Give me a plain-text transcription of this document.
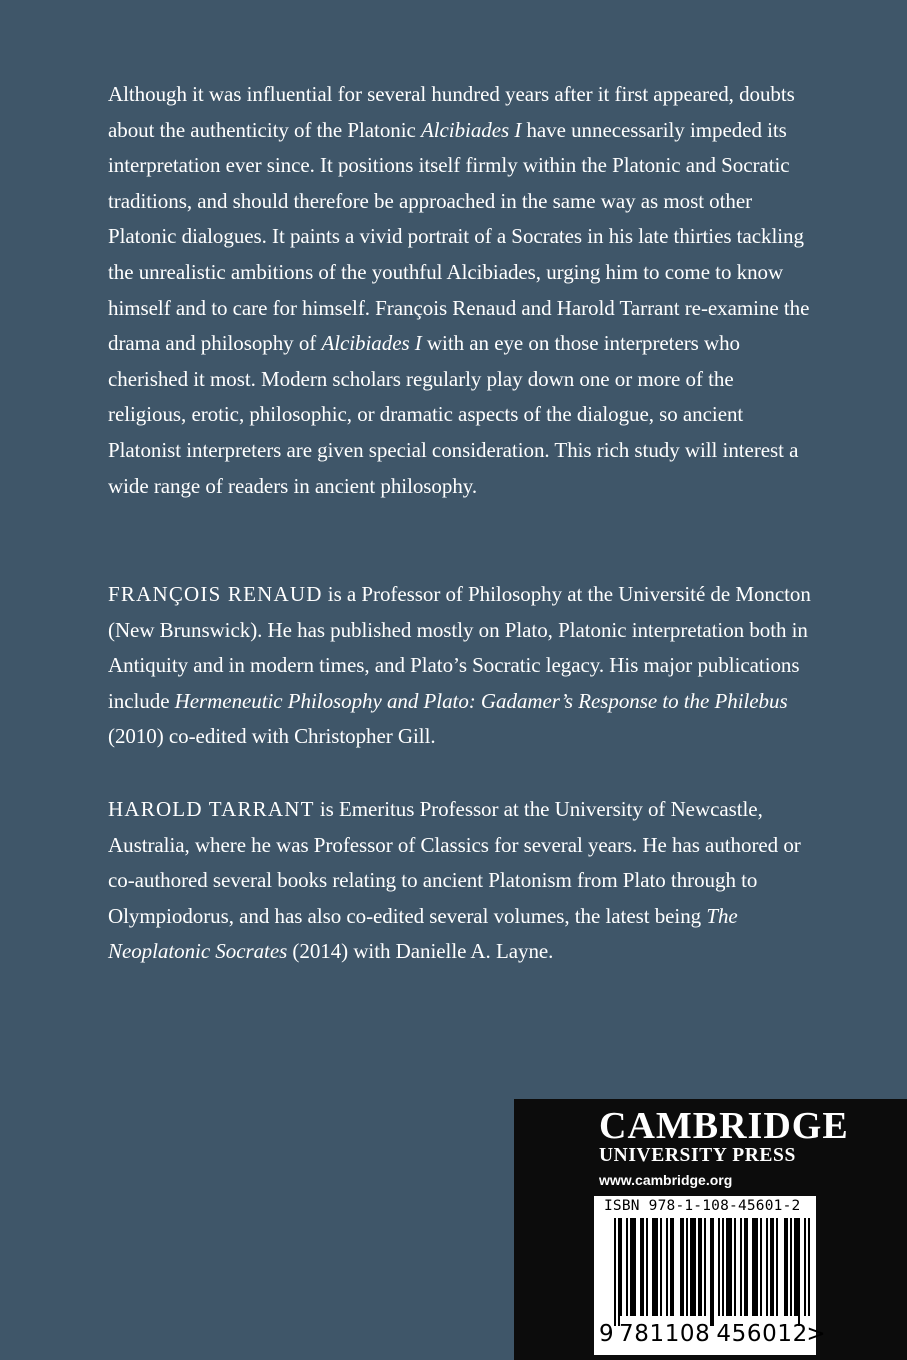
Although it was influential for several hundred years after it first appeared, doubts about the authenticity of the Platonic Alcibiades I have unnecessarily impeded its interpretation ever since. It positions itself firmly within the Platonic and Socratic traditions, and should therefore be approached in the same way as most other Platonic dialogues. It paints a vivid portrait of a Socrates in his late thirties tackling the unrealistic ambitions of the youthful Alcibiades, urging him to come to know himself and to care for himself. François Renaud and Harold Tarrant re-examine the drama and philosophy of Alcibiades I with an eye on those interpreters who cherished it most. Modern scholars regularly play down one or more of the religious, erotic, philosophic, or dramatic aspects of the dialogue, so ancient Platonist interpreters are given special consideration. This rich study will interest a wide range of readers in ancient philosophy.

FRANÇOIS RENAUD is a Professor of Philosophy at the Université de Moncton (New Brunswick). He has published mostly on Plato, Platonic interpretation both in Antiquity and in modern times, and Plato’s Socratic legacy. His major publications include Hermeneutic Philosophy and Plato: Gadamer’s Response to the Philebus (2010) co-edited with Christopher Gill.

HAROLD TARRANT is Emeritus Professor at the University of Newcastle, Australia, where he was Professor of Classics for several years. He has authored or co-authored several books relating to ancient Platonism from Plato through to Olympiodorus, and has also co-edited several volumes, the latest being The Neoplatonic Socrates (2014) with Danielle A. Layne.

CAMBRIDGE
UNIVERSITY PRESS
www.cambridge.org
ISBN 978-1-108-45601-2
9 781108 456012
>
